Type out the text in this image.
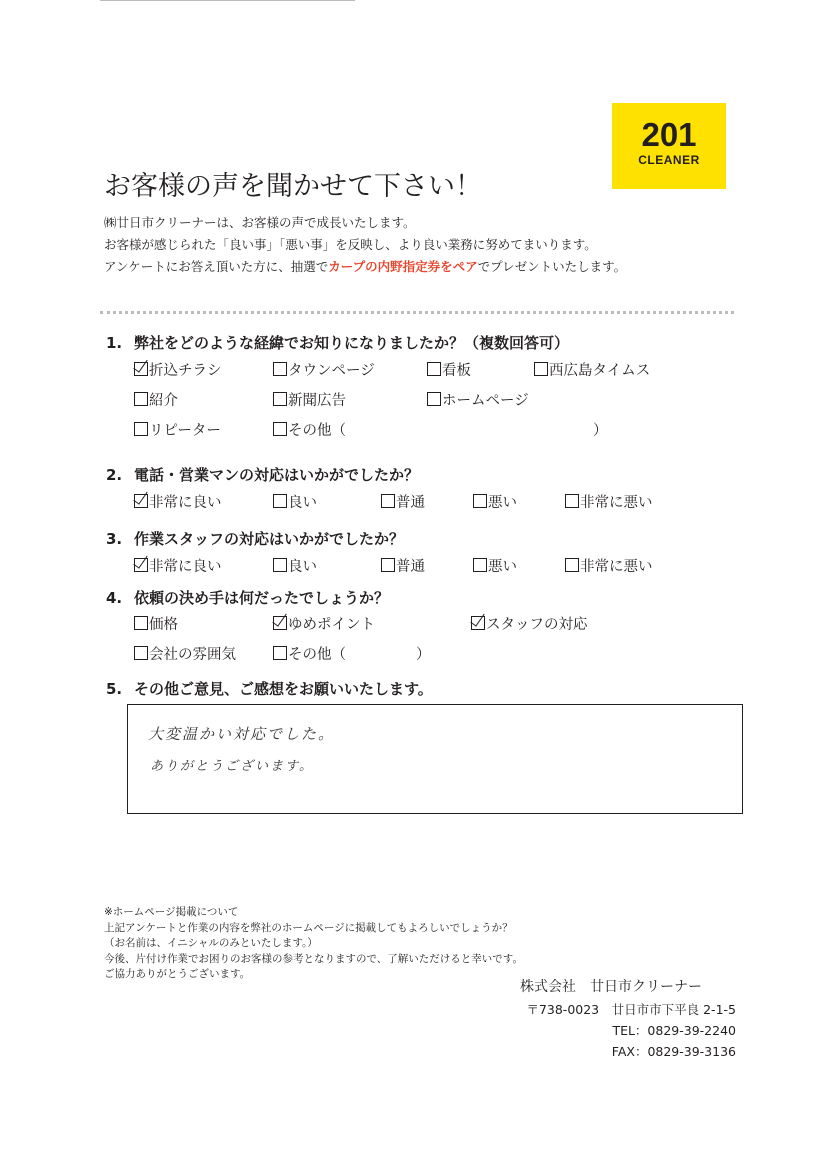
201
CLEANER
お客様の声を聞かせて下さい！

㈱廿日市クリーナーは、お客様の声で成長いたします。

お客様が感じられた「良い事」「悪い事」を反映し、より良い業務に努めてまいります。

アンケートにお答え頂いた方に、抽選でカープの内野指定券をペアでプレゼントいたします。

1. 弊社をどのような経緯でお知りになりましたか？（複数回答可）
折込チラシ	タウンページ	看板	西広島タイムス
紹介	新聞広告	ホームページ
リピーター	その他（	）
2. 電話・営業マンの対応はいかがでしたか？
非常に良い	良い	普通	悪い	非常に悪い
3. 作業スタッフの対応はいかがでしたか？
非常に良い	良い	普通	悪い	非常に悪い
4. 依頼の決め手は何だったでしょうか？
価格	ゆめポイント	スタッフの対応
会社の雰囲気	その他（	）
5. その他ご意見、ご感想をお願いいたします。

大変温かい対応でした。

ありがとうございます。

※ホームページ掲載について

上記アンケートと作業の内容を弊社のホームページに掲載してもよろしいでしょうか？

（お名前は、イニシャルのみといたします。）

今後、片付け作業でお困りのお客様の参考となりますので、了解いただけると幸いです。

ご協力ありがとうございます。

株式会社　廿日市クリーナー

〒738-0023　廿日市市下平良 2-1-5

TEL：0829-39-2240

FAX：0829-39-3136
